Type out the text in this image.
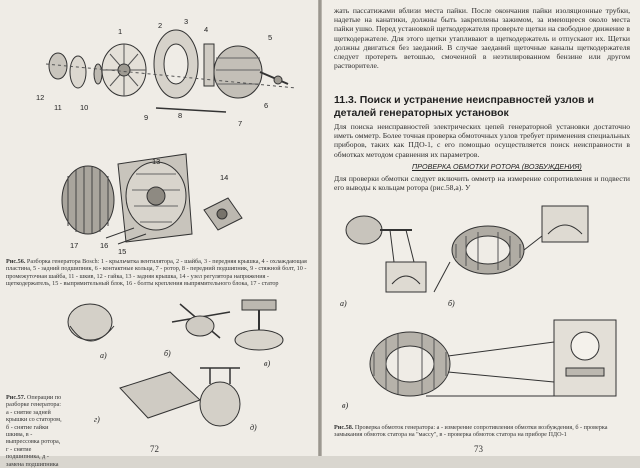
12
11 10
1
2	3
4
5
6
7
8
9
13
14
15
16
17
Рис.56. Разборка генератора Bosch: 1 - крыльчатка вентилятора, 2 - шайба, 3 - передняя крышка, 4 - охлаждающая пластина, 5 - задний подшипник, 6 - контактные кольца, 7 - ротор, 8 - передний подшипник, 9 - стяжной болт, 10 - промежуточная шайба, 11 - шкив, 12 - гайка, 13 - задняя крышка, 14 - узел регулятора напряжения - щеткодержатель, 15 - выпрямительный блок, 16 - болты крепления выпрямительного блока, 17 - статор
а)	б)
в)
г)
д)
Рис.57. Операции по разборке генератора: а - снятие задней крышки со статором, б - снятие гайки шкива, в - выпрессовка ротора, г - снятие подшипника, д - замена подшипника
72
жать пассатижами вблизи места пайки. После окончания пайки изоляционные трубки, надетые на канатики, должны быть закреплены зажимом, за имеющееся около места пайки ушко. Перед установкой щеткодержателя проверьте щетки на свободное движение в щеткодержателе. Для этого щетки утапливают в щеткодержатель и отпускают их. Щетки должны двигаться без заеданий. В случае заеданий щеточные каналы щеткодержателя следует протереть ветошью, смоченной в неэтилированном бензине или другом растворителе.
11.3. Поиск и устранение неисправностей узлов и деталей генераторных установок
Для поиска неисправностей электрических цепей генераторной установки достаточно иметь омметр. Более точная проверка обмоточных узлов требует применения специальных приборов, таких как ПДО-1, с его помощью осуществляется поиск неисправности в обмотках методом сравнения их параметров.
ПРОВЕРКА ОБМОТКИ РОТОРА (ВОЗБУЖДЕНИЯ)
Для проверки обмотки следует включить омметр на измерение сопротивления и подвести его выводы к кольцам ротора (рис.58,а). У
а)	б)
в)
Рис.58. Проверка обмоток генератора: а - измерение сопротивления обмотки возбуждения, б - проверка замыкания обмоток статора на "массу", в - проверка обмоток статора на приборе ПДО-1
73
